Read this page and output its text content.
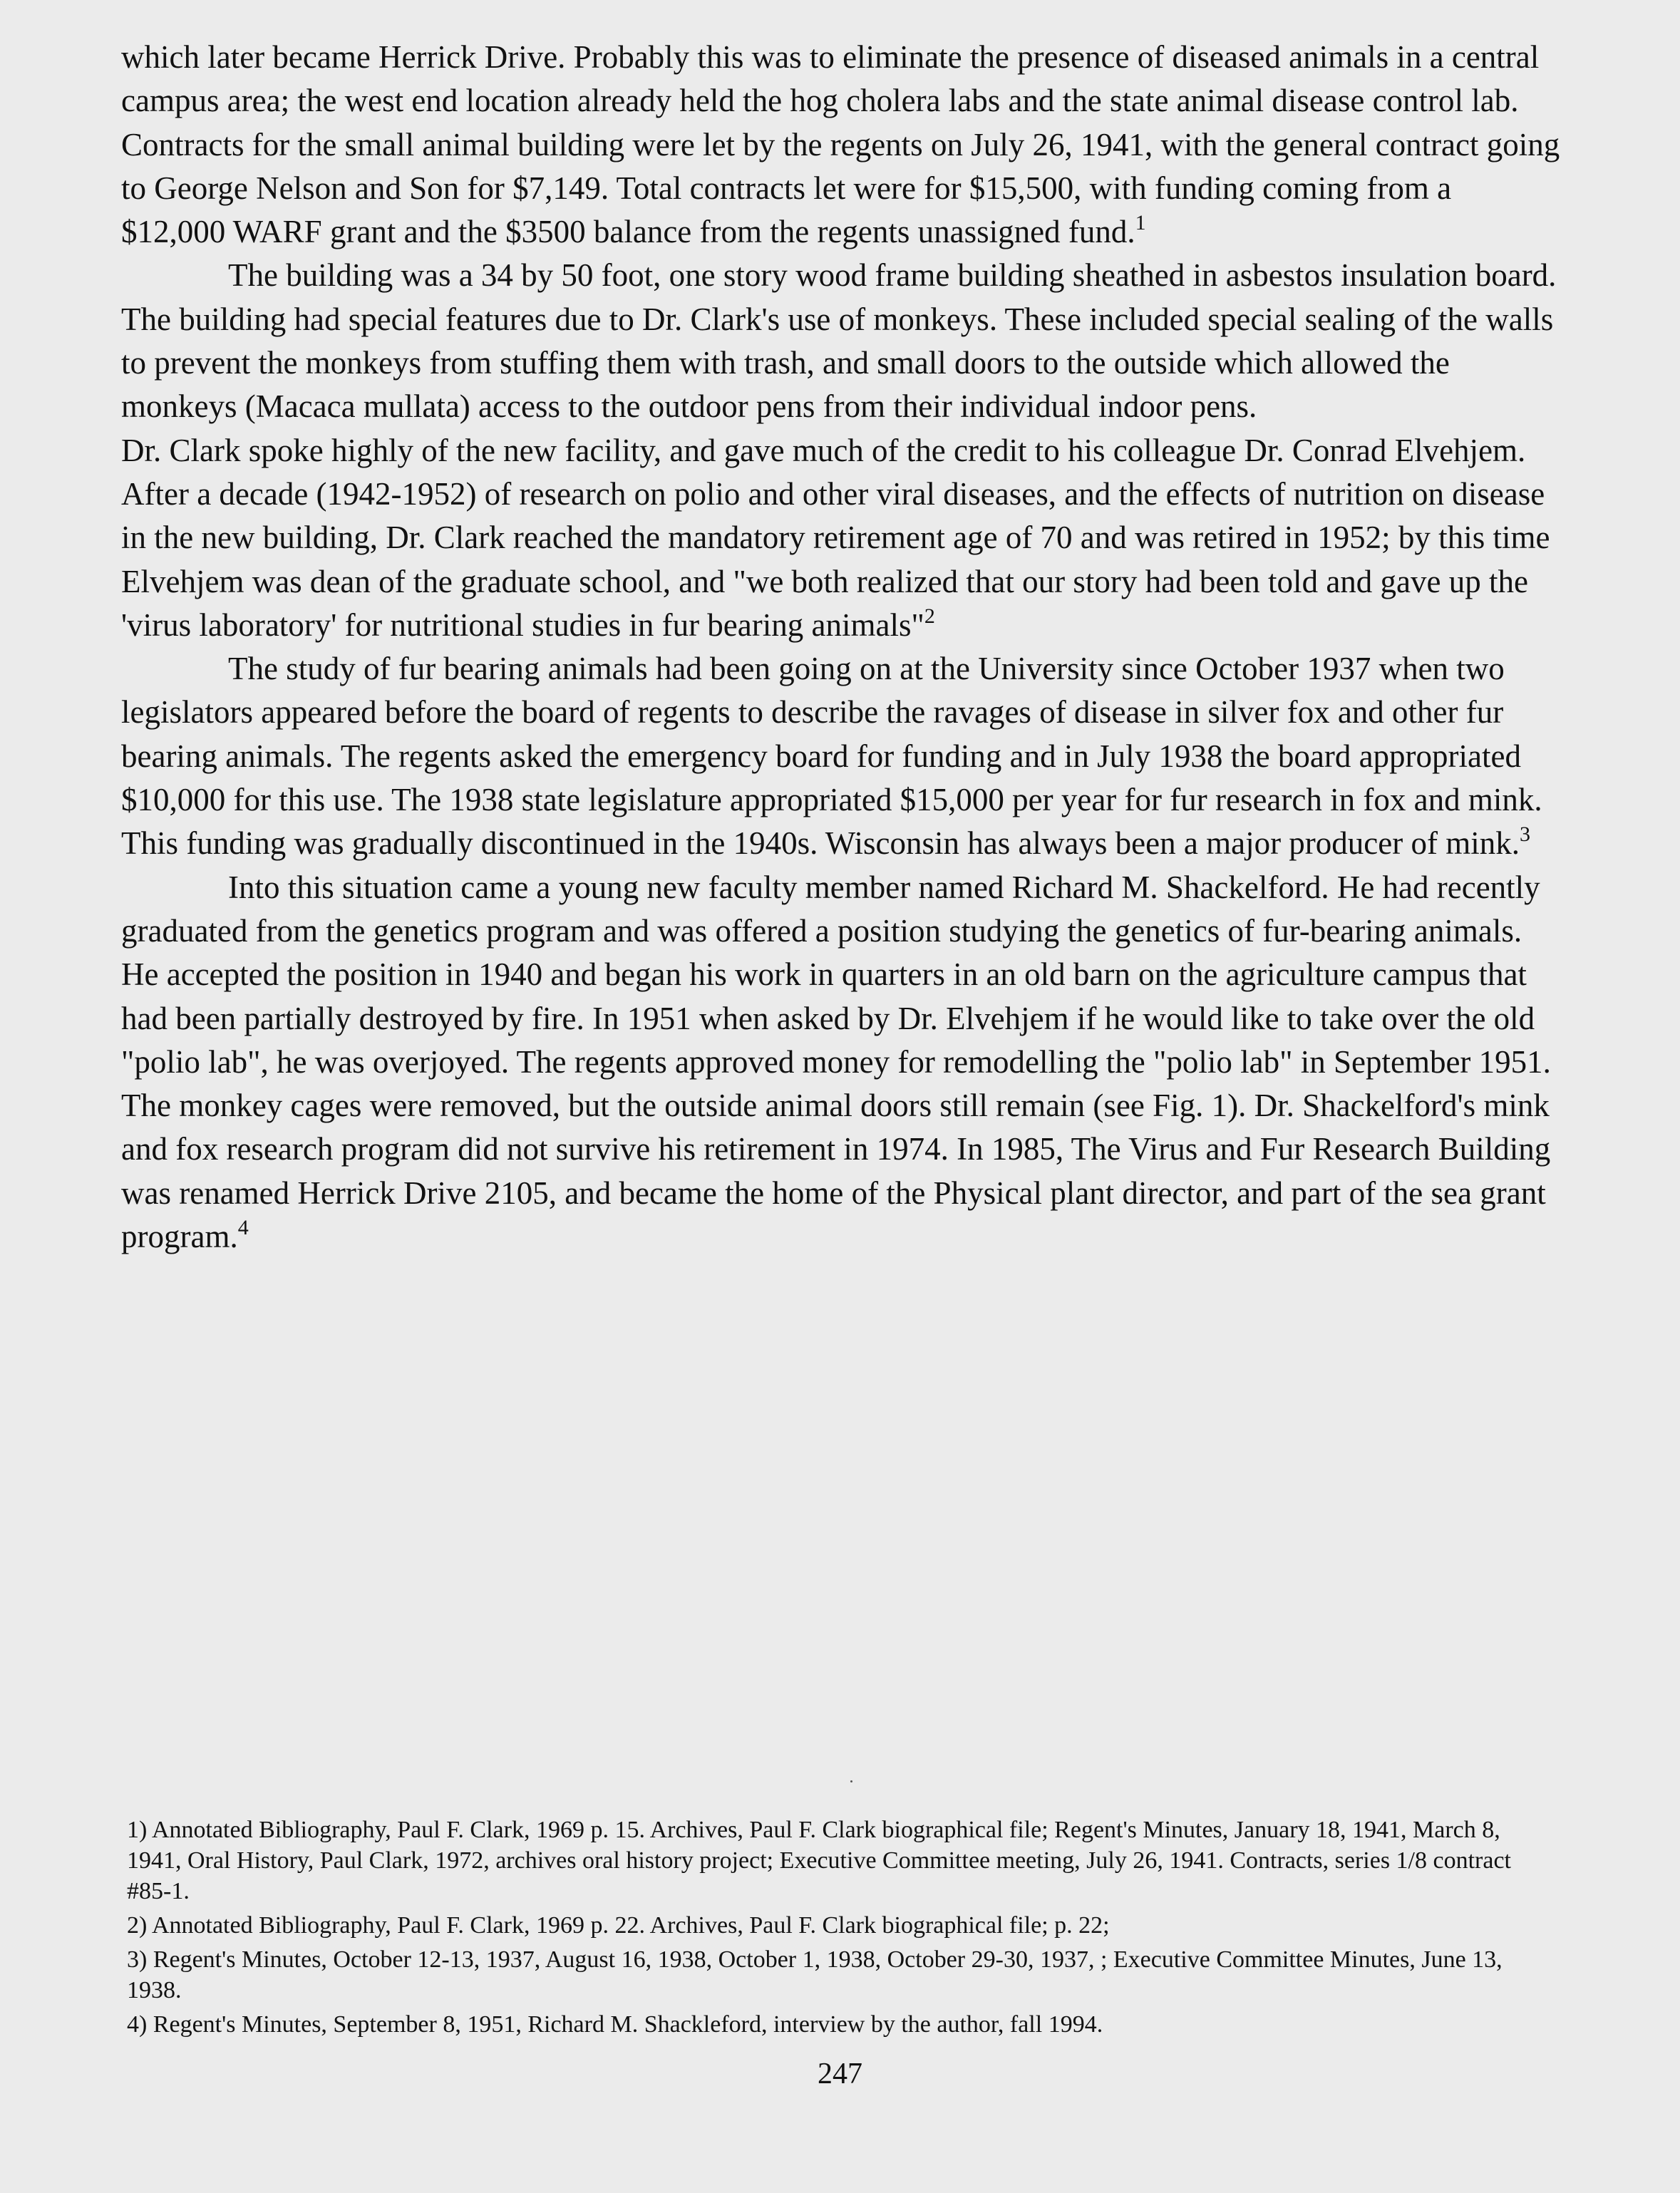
which later became Herrick Drive. Probably this was to eliminate the presence of diseased animals in a central campus area; the west end location already held the hog cholera labs and the state animal disease control lab. Contracts for the small animal building were let by the regents on July 26, 1941, with the general contract going to George Nelson and Son for $7,149. Total contracts let were for $15,500, with funding coming from a $12,000 WARF grant and the $3500 balance from the regents unassigned fund.$^1$

The building was a 34 by 50 foot, one story wood frame building sheathed in asbestos insulation board. The building had special features due to Dr. Clark's use of monkeys. These included special sealing of the walls to prevent the monkeys from stuffing them with trash, and small doors to the outside which allowed the monkeys (Macaca mullata) access to the outdoor pens from their individual indoor pens.

Dr. Clark spoke highly of the new facility, and gave much of the credit to his colleague Dr. Conrad Elvehjem. After a decade (1942-1952) of research on polio and other viral diseases, and the effects of nutrition on disease in the new building, Dr. Clark reached the mandatory retirement age of 70 and was retired in 1952; by this time Elvehjem was dean of the graduate school, and "we both realized that our story had been told and gave up the 'virus laboratory' for nutritional studies in fur bearing animals"$^2$

The study of fur bearing animals had been going on at the University since October 1937 when two legislators appeared before the board of regents to describe the ravages of disease in silver fox and other fur bearing animals. The regents asked the emergency board for funding and in July 1938 the board appropriated $10,000 for this use. The 1938 state legislature appropriated $15,000 per year for fur research in fox and mink. This funding was gradually discontinued in the 1940s. Wisconsin has always been a major producer of mink.$^3$

Into this situation came a young new faculty member named Richard M. Shackelford. He had recently graduated from the genetics program and was offered a position studying the genetics of fur-bearing animals. He accepted the position in 1940 and began his work in quarters in an old barn on the agriculture campus that had been partially destroyed by fire. In 1951 when asked by Dr. Elvehjem if he would like to take over the old "polio lab", he was overjoyed. The regents approved money for remodelling the "polio lab" in September 1951. The monkey cages were removed, but the outside animal doors still remain (see Fig. 1). Dr. Shackelford's mink and fox research program did not survive his retirement in 1974. In 1985, The Virus and Fur Research Building was renamed Herrick Drive 2105, and became the home of the Physical plant director, and part of the sea grant program.$^4$

1) Annotated Bibliography, Paul F. Clark, 1969 p. 15. Archives, Paul F. Clark biographical file; Regent's Minutes, January 18, 1941, March 8, 1941, Oral History, Paul Clark, 1972, archives oral history project; Executive Committee meeting, July 26, 1941. Contracts, series 1/8 contract #85-1.

2) Annotated Bibliography, Paul F. Clark, 1969 p. 22. Archives, Paul F. Clark biographical file; p. 22;

3) Regent's Minutes, October 12-13, 1937, August 16, 1938, October 1, 1938, October 29-30, 1937, ; Executive Committee Minutes, June 13, 1938.

4) Regent's Minutes, September 8, 1951, Richard M. Shackleford, interview by the author, fall 1994.

247
